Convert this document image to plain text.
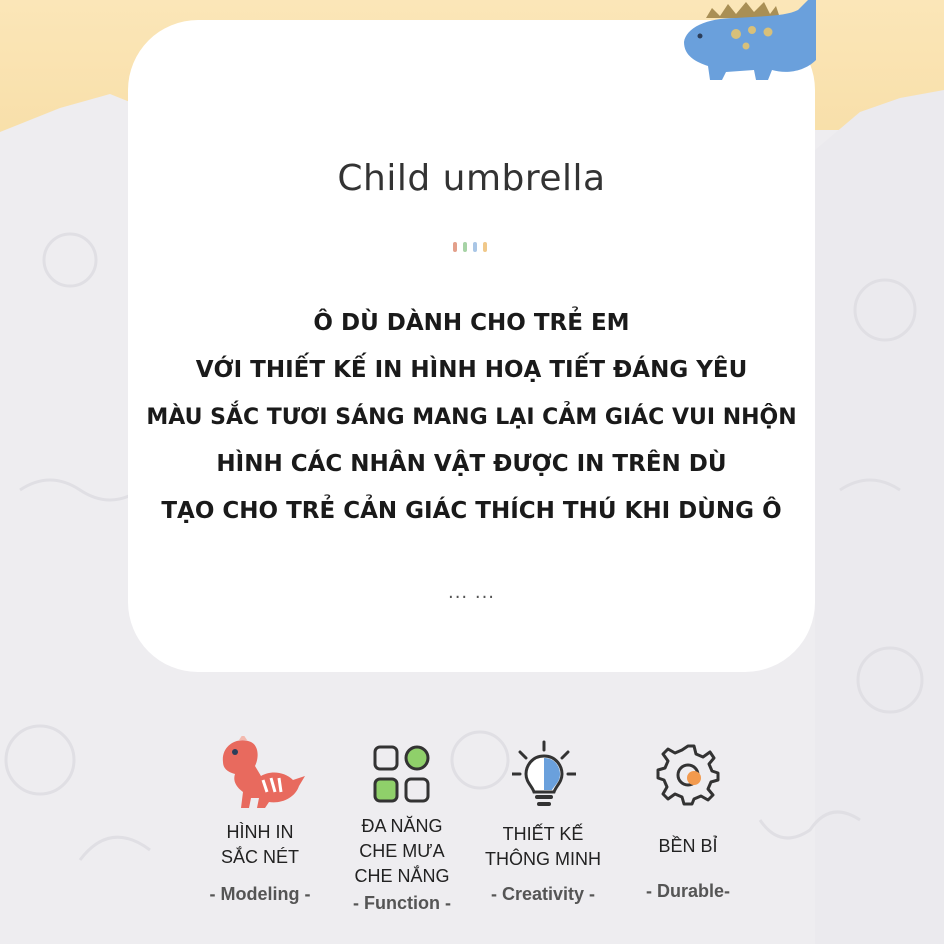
Child umbrella
Ô DÙ DÀNH CHO TRẺ EM
VỚI THIẾT KẾ IN HÌNH HOẠ TIẾT ĐÁNG YÊU
MÀU SẮC TƯƠI SÁNG MANG LẠI CẢM GIÁC VUI NHỘN
HÌNH CÁC NHÂN VẬT ĐƯỢC IN TRÊN DÙ
TẠO CHO TRẺ CẢN GIÁC THÍCH THÚ KHI DÙNG Ô
... ...
HÌNH IN
SẮC NÉT
- Modeling -
ĐA NĂNG
CHE MƯA
CHE NẮNG
- Function -
THIẾT KẾ
THÔNG MINH
- Creativity -
BỀN BỈ
- Durable-
